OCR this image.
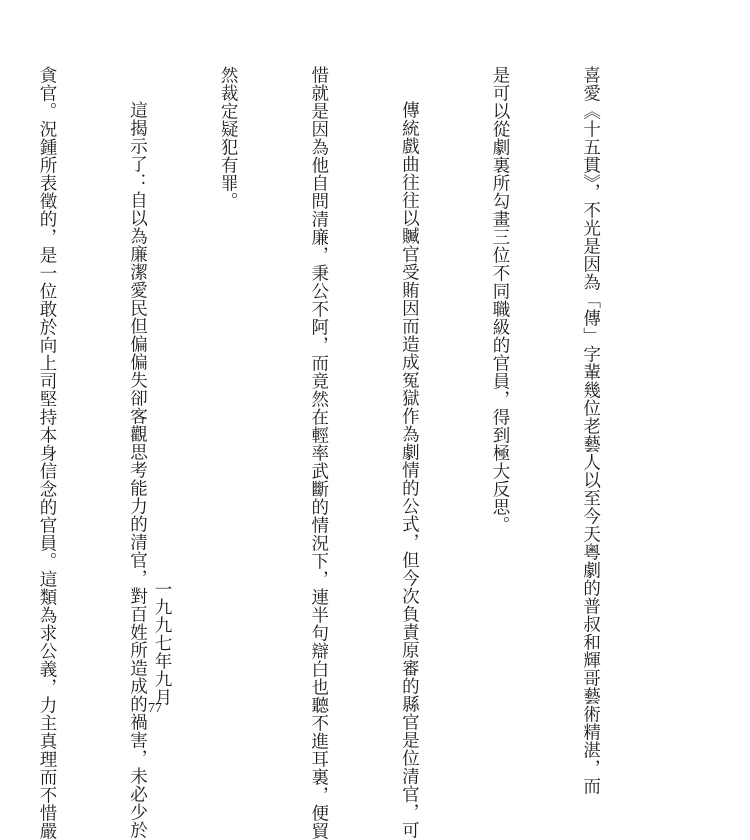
喜愛《十五貫》，不光是因為「傳」字輩幾位老藝人以至今天粵劇的普叔和輝哥藝術精湛，而

是可以從劇裏所勾畫三位不同職級的官員，得到極大反思。

傳統戲曲往往以贓官受賄因而造成冤獄作為劇情的公式，但今次負責原審的縣官是位清官，可

惜就是因為他自問清廉，秉公不阿，而竟然在輕率武斷的情況下，連半句辯白也聽不進耳裏，便貿

然裁定疑犯有罪。

這揭示了：自以為廉潔愛民但偏偏失卻客觀思考能力的清官，對百姓所造成的禍害，未必少於

貪官。況鍾所表徵的，是一位敢於向上司堅持本身信念的官員。這類為求公義，力主真理而不惜嚴

	一九九七年九月
77
